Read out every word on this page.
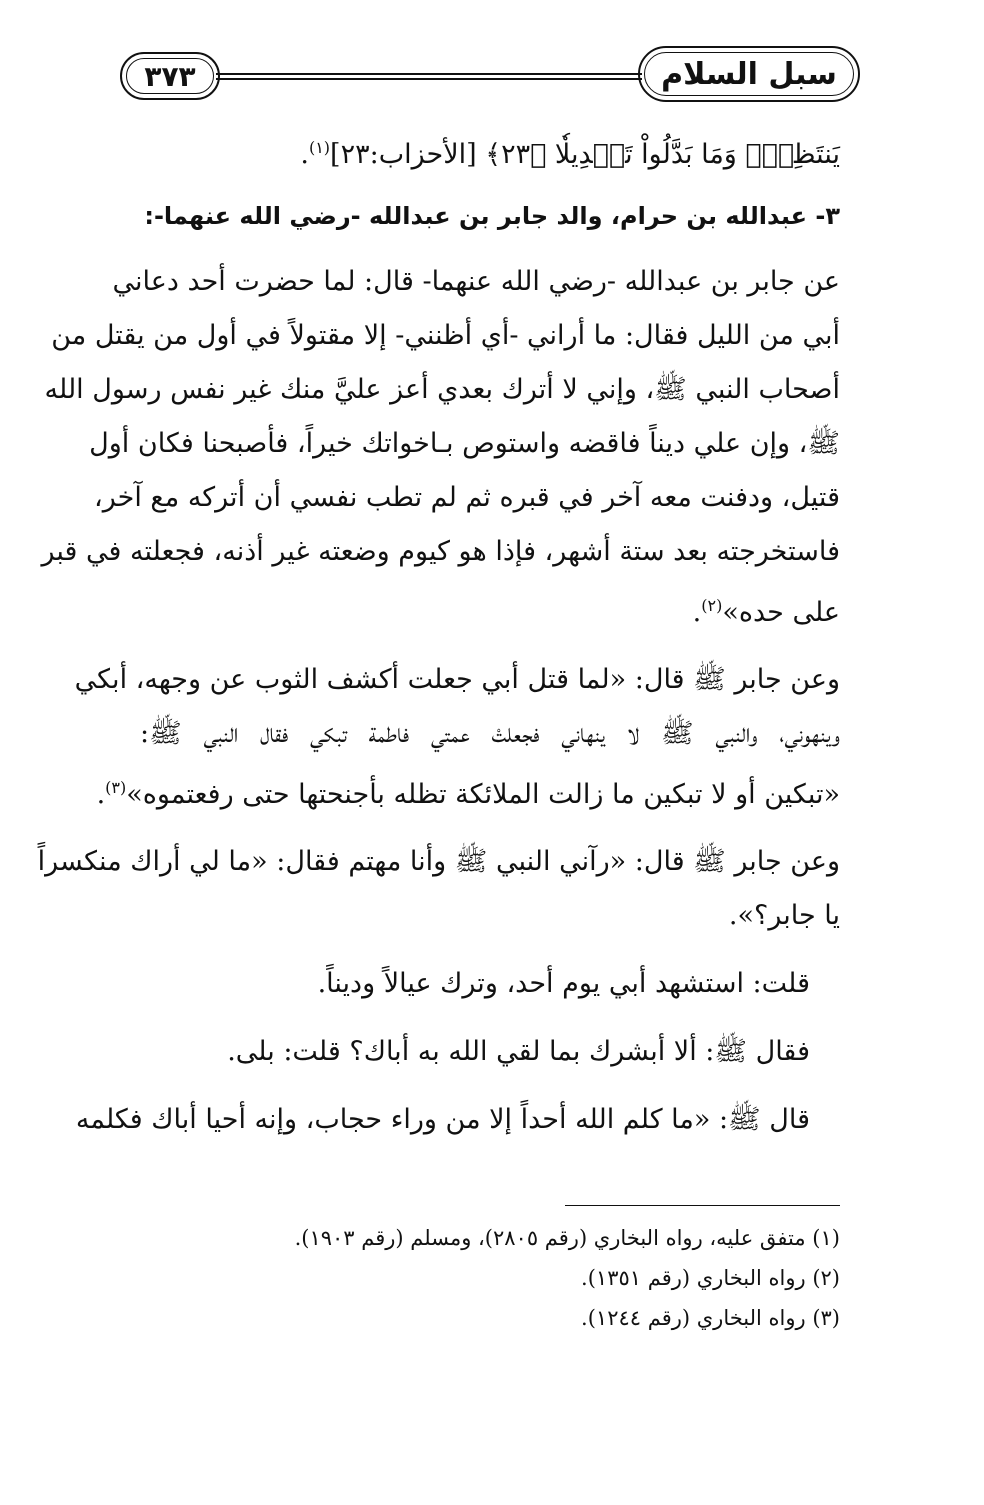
٣٧٣	سبل السلام
يَنتَظِرُۖ وَمَا بَدَّلُواْ تَبۡدِيلٗا ﴿٢٣﴾ [الأحزاب:٢٣]$^{(١)}$.
٣- عبدالله بن حرام، والد جابر بن عبدالله -رضي الله عنهما-:
عن جابر بن عبدالله -رضي الله عنهما- قال: لما حضرت أحد دعاني
أبي من الليل فقال: ما أراني -أي أظنني- إلا مقتولاً في أول من يقتل من
أصحاب النبي ﷺ، وإني لا أترك بعدي أعز عليَّ منك غير نفس رسول الله
ﷺ، وإن علي ديناً فاقضه واستوص بـاخواتك خيراً، فأصبحنا فكان أول
قتيل، ودفنت معه آخر في قبره ثم لم تطب نفسي أن أتركه مع آخر،
فاستخرجته بعد ستة أشهر، فإذا هو كيوم وضعته غير أذنه، فجعلته في قبر
على حده»$^{(٢)}$.
وعن جابر ﷺ قال: «لما قتل أبي جعلت أكشف الثوب عن وجهه، أبكي
وينهوني، والنبي ﷺ لا ينهاني فجعلتْ عمتي فاطمة تبكي فقال النبي ﷺ:
«تبكين أو لا تبكين ما زالت الملائكة تظله بأجنحتها حتى رفعتموه»$^{(٣)}$.
وعن جابر ﷺ قال: «رآني النبي ﷺ وأنا مهتم فقال: «ما لي أراك منكسراً
يا جابر؟».
قلت: استشهد أبي يوم أحد، وترك عيالاً وديناً.
فقال ﷺ: ألا أبشرك بما لقي الله به أباك؟ قلت: بلى.
قال ﷺ: «ما كلم الله أحداً إلا من وراء حجاب، وإنه أحيا أباك فكلمه
(١) متفق عليه، رواه البخاري (رقم ٢٨٠٥)، ومسلم (رقم ١٩٠٣).
(٢) رواه البخاري (رقم ١٣٥١).
(٣) رواه البخاري (رقم ١٢٤٤).
